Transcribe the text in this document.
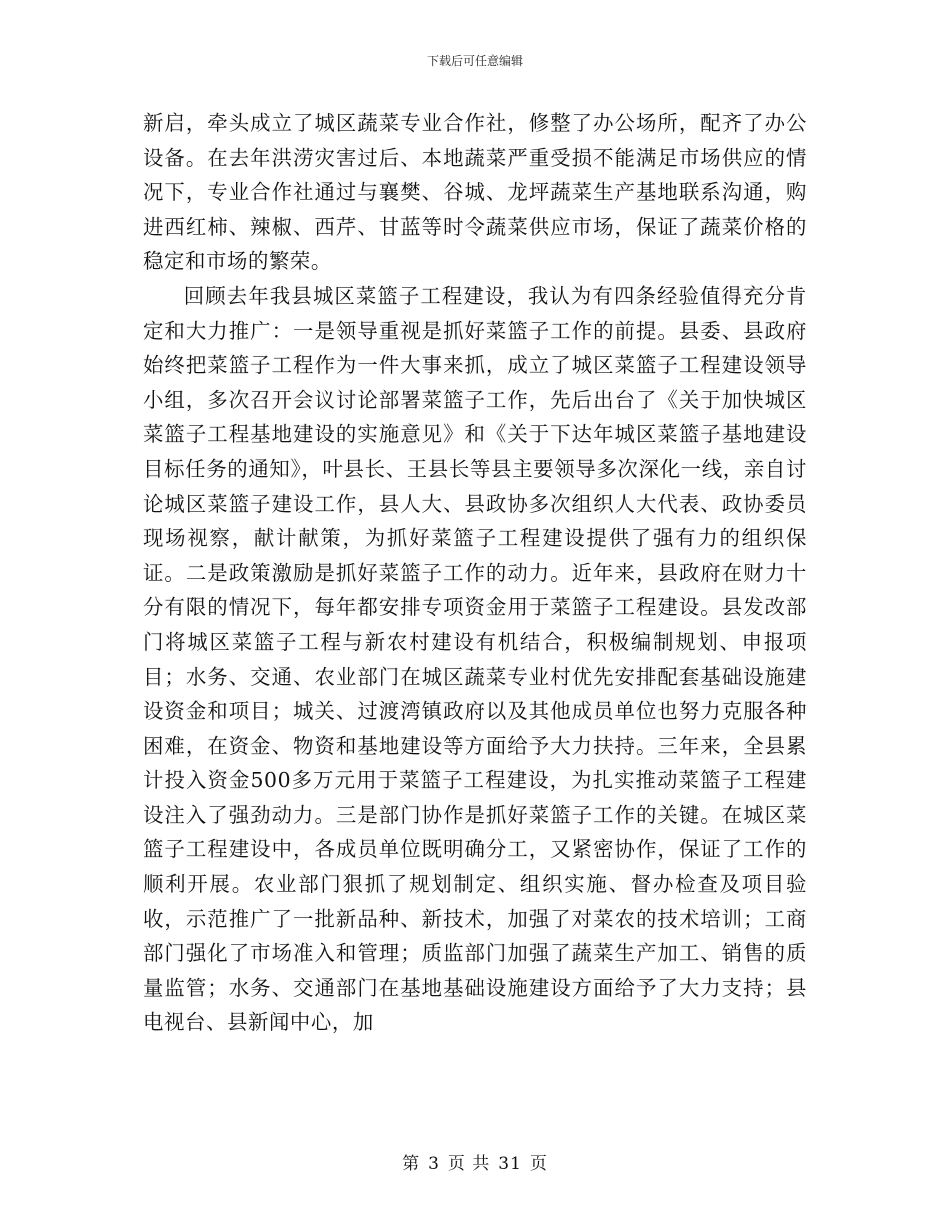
下载后可任意编辑

新启，牵头成立了城区蔬菜专业合作社，修整了办公场所，配齐了办公设备。在去年洪涝灾害过后、本地蔬菜严重受损不能满足市场供应的情况下，专业合作社通过与襄樊、谷城、龙坪蔬菜生产基地联系沟通，购进西红柿、辣椒、西芹、甘蓝等时令蔬菜供应市场，保证了蔬菜价格的稳定和市场的繁荣。

回顾去年我县城区菜篮子工程建设，我认为有四条经验值得充分肯定和大力推广：一是领导重视是抓好菜篮子工作的前提。县委、县政府始终把菜篮子工程作为一件大事来抓，成立了城区菜篮子工程建设领导小组，多次召开会议讨论部署菜篮子工作，先后出台了《关于加快城区菜篮子工程基地建设的实施意见》和《关于下达年城区菜篮子基地建设目标任务的通知》，叶县长、王县长等县主要领导多次深化一线，亲自讨论城区菜篮子建设工作，县人大、县政协多次组织人大代表、政协委员现场视察，献计献策，为抓好菜篮子工程建设提供了强有力的组织保证。二是政策激励是抓好菜篮子工作的动力。近年来，县政府在财力十分有限的情况下，每年都安排专项资金用于菜篮子工程建设。县发改部门将城区菜篮子工程与新农村建设有机结合，积极编制规划、申报项目；水务、交通、农业部门在城区蔬菜专业村优先安排配套基础设施建设资金和项目；城关、过渡湾镇政府以及其他成员单位也努力克服各种困难，在资金、物资和基地建设等方面给予大力扶持。三年来，全县累计投入资金500多万元用于菜篮子工程建设，为扎实推动菜篮子工程建设注入了强劲动力。三是部门协作是抓好菜篮子工作的关键。在城区菜篮子工程建设中，各成员单位既明确分工，又紧密协作，保证了工作的顺利开展。农业部门狠抓了规划制定、组织实施、督办检查及项目验收，示范推广了一批新品种、新技术，加强了对菜农的技术培训；工商部门强化了市场准入和管理；质监部门加强了蔬菜生产加工、销售的质量监管；水务、交通部门在基地基础设施建设方面给予了大力支持；县电视台、县新闻中心，加

第 3 页 共 31 页
